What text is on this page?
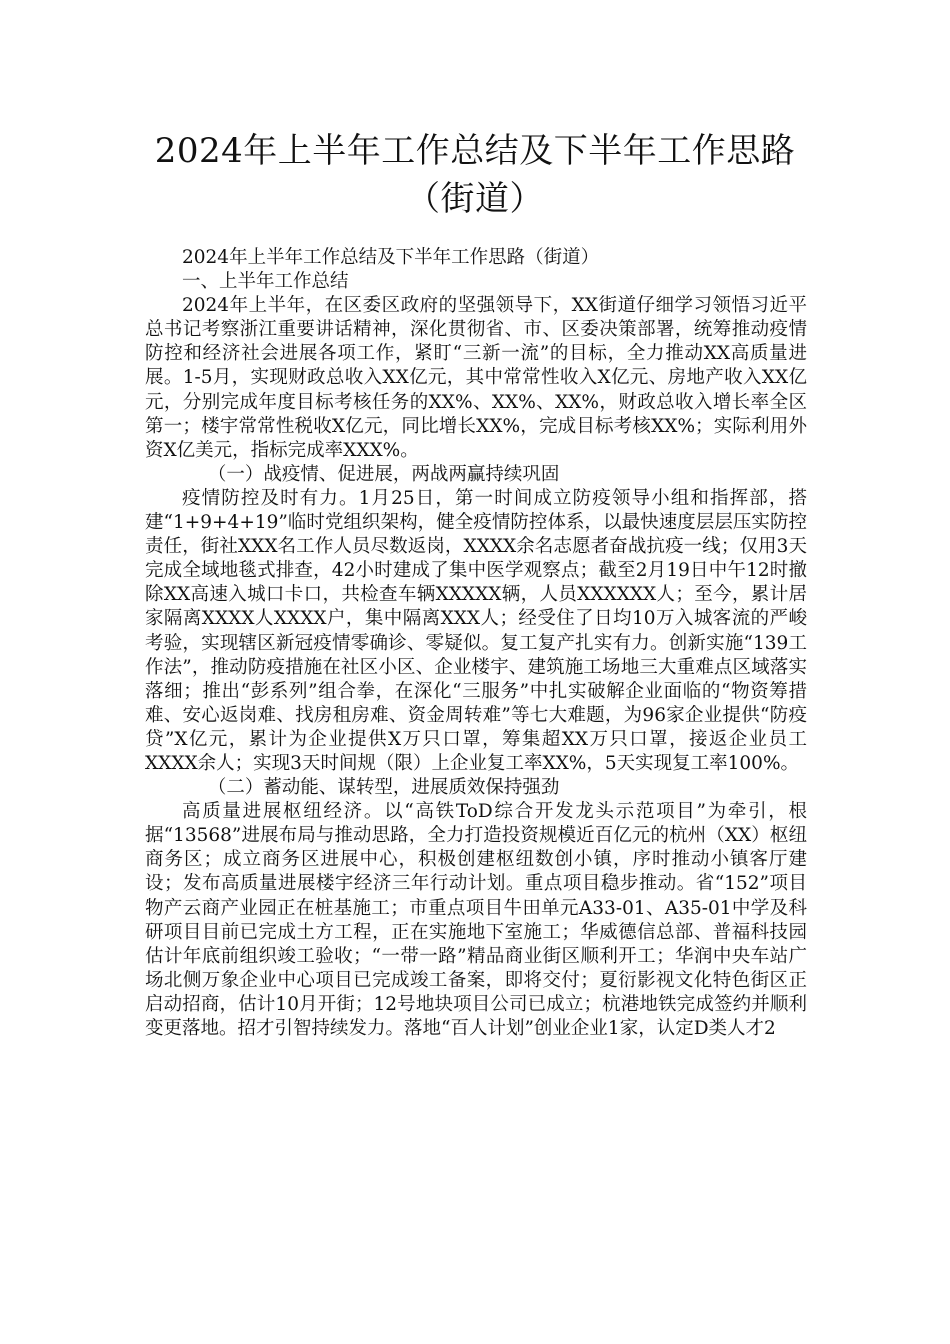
2024年上半年工作总结及下半年工作思路
（街道）

2024年上半年工作总结及下半年工作思路（街道）

一、上半年工作总结

2024年上半年，在区委区政府的坚强领导下，XX街道仔细学习领悟习近平总书记考察浙江重要讲话精神，深化贯彻省、市、区委决策部署，统筹推动疫情防控和经济社会进展各项工作，紧盯“三新一流”的目标，全力推动XX高质量进展。1-5月，实现财政总收入XX亿元，其中常常性收入X亿元、房地产收入XX亿元，分别完成年度目标考核任务的XX%、XX%、XX%，财政总收入增长率全区第一；楼宇常常性税收X亿元，同比增长XX%，完成目标考核XX%；实际利用外资X亿美元，指标完成率XXX%。

（一）战疫情、促进展，两战两赢持续巩固

疫情防控及时有力。1月25日，第一时间成立防疫领导小组和指挥部，搭建“1+9+4+19”临时党组织架构，健全疫情防控体系，以最快速度层层压实防控责任，街社XXX名工作人员尽数返岗，XXXX余名志愿者奋战抗疫一线；仅用3天完成全域地毯式排查，42小时建成了集中医学观察点；截至2月19日中午12时撤除XX高速入城口卡口，共检查车辆XXXXX辆，人员XXXXXX人；至今，累计居家隔离XXXX人XXXX户，集中隔离XXX人；经受住了日均10万入城客流的严峻考验，实现辖区新冠疫情零确诊、零疑似。复工复产扎实有力。创新实施“139工作法”，推动防疫措施在社区小区、企业楼宇、建筑施工场地三大重难点区域落实落细；推出“彭系列”组合拳，在深化“三服务”中扎实破解企业面临的“物资筹措难、安心返岗难、找房租房难、资金周转难”等七大难题，为96家企业提供“防疫贷”X亿元，累计为企业提供X万只口罩，筹集超XX万只口罩，接返企业员工XXXX余人；实现3天时间规（限）上企业复工率XX%，5天实现复工率100%。

（二）蓄动能、谋转型，进展质效保持强劲

高质量进展枢纽经济。以“高铁ToD综合开发龙头示范项目”为牵引，根据“13568”进展布局与推动思路，全力打造投资规模近百亿元的杭州（XX）枢纽商务区；成立商务区进展中心，积极创建枢纽数创小镇，序时推动小镇客厅建设；发布高质量进展楼宇经济三年行动计划。重点项目稳步推动。省“152”项目物产云商产业园正在桩基施工；市重点项目牛田单元A33-01、A35-01中学及科研项目目前已完成土方工程，正在实施地下室施工；华威德信总部、普福科技园估计年底前组织竣工验收；“一带一路”精品商业街区顺利开工；华润中央车站广场北侧万象企业中心项目已完成竣工备案，即将交付；夏衍影视文化特色街区正启动招商，估计10月开街；12号地块项目公司已成立；杭港地铁完成签约并顺利变更落地。招才引智持续发力。落地“百人计划”创业企业1家，认定D类人才2
